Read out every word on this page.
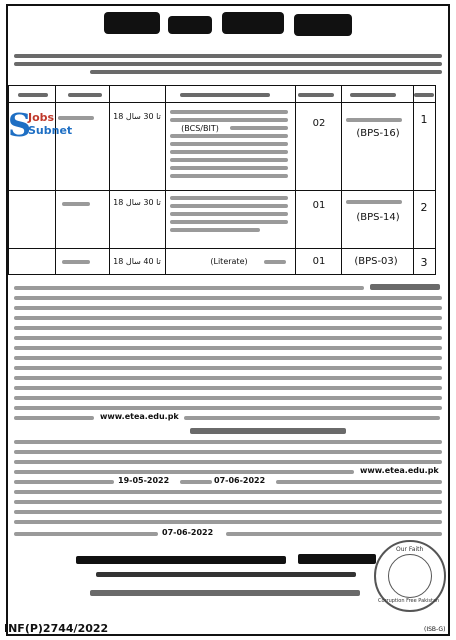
1
(BPS-16)
02
(BCS/BIT)
18 تا 30 سال
S
Jobs
Subnet
2
(BPS-14)
01
18 تا 30 سال
3
(BPS-03)
01
(Literate)
18 تا 40 سال
www.etea.edu.pk
www.etea.edu.pk
19-05-2022	07-06-2022
07-06-2022
Our Faith
Corruption Free Pakistan
INF(P)2744/2022	(ISB-G)
